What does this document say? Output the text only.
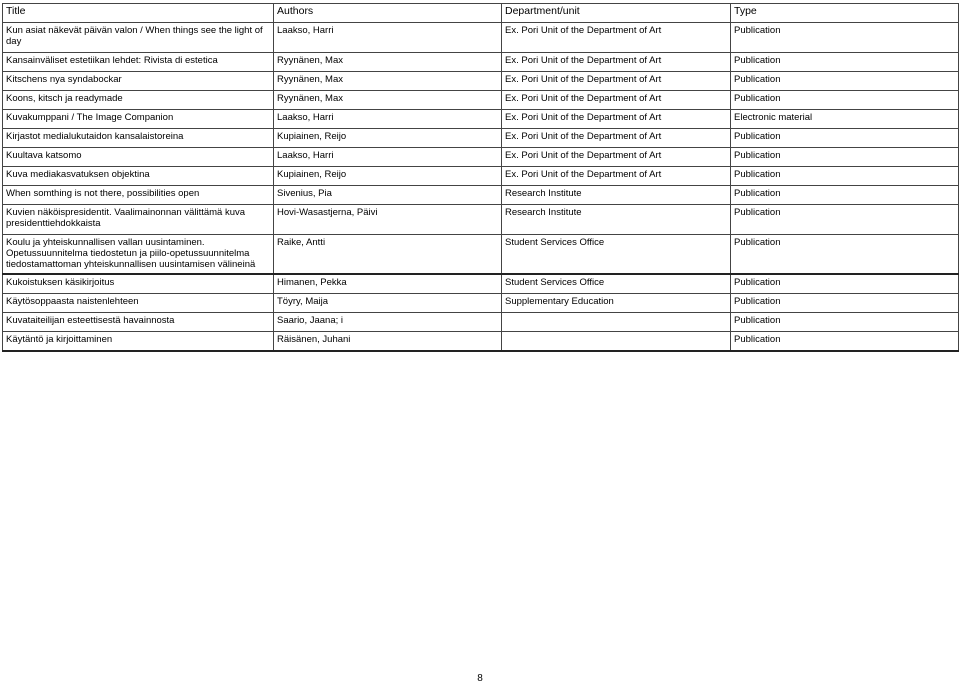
Title	Authors	Department/unit	Type
Kun asiat näkevät päivän valon / When things see the light of day	Laakso, Harri	Ex. Pori Unit of the Department of Art	Publication
Kansainväliset estetiikan lehdet: Rivista di estetica	Ryynänen, Max	Ex. Pori Unit of the Department of Art	Publication
Kitschens nya syndabockar	Ryynänen, Max	Ex. Pori Unit of the Department of Art	Publication
Koons, kitsch ja readymade	Ryynänen, Max	Ex. Pori Unit of the Department of Art	Publication
Kuvakumppani / The Image Companion	Laakso, Harri	Ex. Pori Unit of the Department of Art	Electronic material
Kirjastot medialukutaidon kansalaistoreina	Kupiainen, Reijo	Ex. Pori Unit of the Department of Art	Publication
Kuultava katsomo	Laakso, Harri	Ex. Pori Unit of the Department of Art	Publication
Kuva mediakasvatuksen objektina	Kupiainen, Reijo	Ex. Pori Unit of the Department of Art	Publication
When somthing is not there, possibilities open	Sivenius, Pia	Research Institute	Publication
Kuvien näköispresidentit. Vaalimainonnan välittämä kuva presidenttiehdokkaista	Hovi-Wasastjerna, Päivi	Research Institute	Publication
Koulu ja yhteiskunnallisen vallan uusintaminen. Opetussuunnitelma tiedostetun ja piilo-opetussuunnitelma tiedostamattoman yhteiskunnallisen uusintamisen välineinä	Raike, Antti	Student Services Office	Publication
Kukoistuksen käsikirjoitus	Himanen, Pekka	Student Services Office	Publication
Käytösoppaasta naistenlehteen	Töyry, Maija	Supplementary Education	Publication
Kuvataiteilijan esteettisestä havainnosta	Saario, Jaana; i		Publication
Käytäntö ja kirjoittaminen	Räisänen, Juhani		Publication
8
